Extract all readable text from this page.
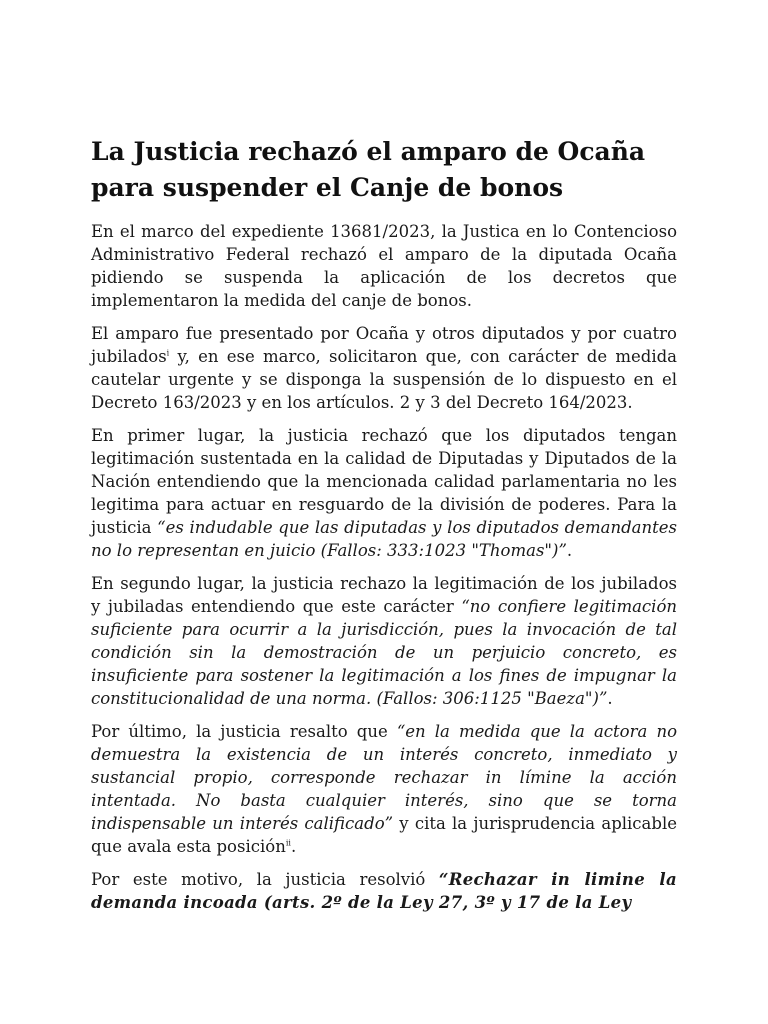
La Justicia rechazó el amparo de Ocaña para suspender el Canje de bonos

En el marco del expediente 13681/2023, la Justica en lo Contencioso Administrativo Federal rechazó el amparo de la diputada Ocaña pidiendo se suspenda la aplicación de los decretos que implementaron la medida del canje de bonos.

El amparo fue presentado por Ocaña y otros diputados y por cuatro jubilados$^i$ y, en ese marco, solicitaron que, con carácter de medida cautelar urgente y se disponga la suspensión de lo dispuesto en el Decreto 163/2023 y en los artículos. 2 y 3 del Decreto 164/2023.

En primer lugar, la justicia rechazó que los diputados tengan legitimación sustentada en la calidad de Diputadas y Diputados de la Nación entendiendo que la mencionada calidad parlamentaria no les legitima para actuar en resguardo de la división de poderes. Para la justicia “es indudable que las diputadas y los diputados demandantes no lo representan en juicio (Fallos: 333:1023 "Thomas")”.

En segundo lugar, la justicia rechazo la legitimación de los jubilados y jubiladas entendiendo que este carácter “no confiere legitimación suficiente para ocurrir a la jurisdicción, pues la invocación de tal condición sin la demostración de un perjuicio concreto, es insuficiente para sostener la legitimación a los fines de impugnar la constitucionalidad de una norma. (Fallos: 306:1125 "Baeza")”.

Por último, la justicia resalto que “en la medida que la actora no demuestra la existencia de un interés concreto, inmediato y sustancial propio, corresponde rechazar in límine la acción intentada. No basta cualquier interés, sino que se torna indispensable un interés calificado” y cita la jurisprudencia aplicable que avala esta posición$^{ii}$.

Por este motivo, la justicia resolvió “Rechazar in limine la demanda incoada (arts. 2º de la Ley 27, 3º y 17 de la Ley
